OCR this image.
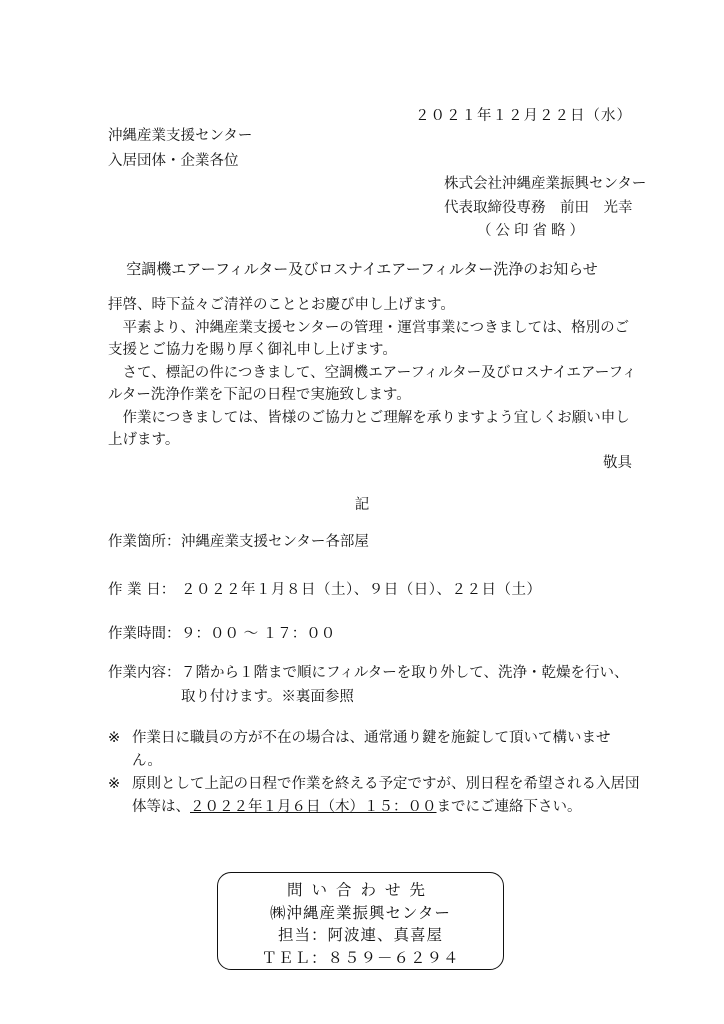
２０２１年１２月２２日（水）
沖縄産業支援センター
入居団体・企業各位
株式会社沖縄産業振興センター
代表取締役専務　前田　光幸
（公印省略）
空調機エアーフィルター及びロスナイエアーフィルター洗浄のお知らせ

拝啓、時下益々ご清祥のこととお慶び申し上げます。

平素より、沖縄産業支援センターの管理・運営事業につきましては、格別のご支援とご協力を賜り厚く御礼申し上げます。

さて、標記の件につきまして、空調機エアーフィルター及びロスナイエアーフィルター洗浄作業を下記の日程で実施致します。

作業につきましては、皆様のご協力とご理解を承りますよう宜しくお願い申し上げます。

敬具

記
作業箇所： 沖縄産業支援センター各部屋
作 業 日： ２０２２年１月８日（土）、９日（日）、２２日（土）
作業時間： ９：００ ～ １７：００
作業内容： ７階から１階まで順にフィルターを取り外して、洗浄・乾燥を行い、取り付けます。※裏面参照
※ 作業日に職員の方が不在の場合は、通常通り鍵を施錠して頂いて構いません。
※ 原則として上記の日程で作業を終える予定ですが、別日程を希望される入居団体等は、２０２２年１月６日（木）１５：００までにご連絡下さい。
問い合わせ先
㈱沖縄産業振興センター
担当：阿波連、真喜屋
ＴＥＬ：８５９－６２９４
